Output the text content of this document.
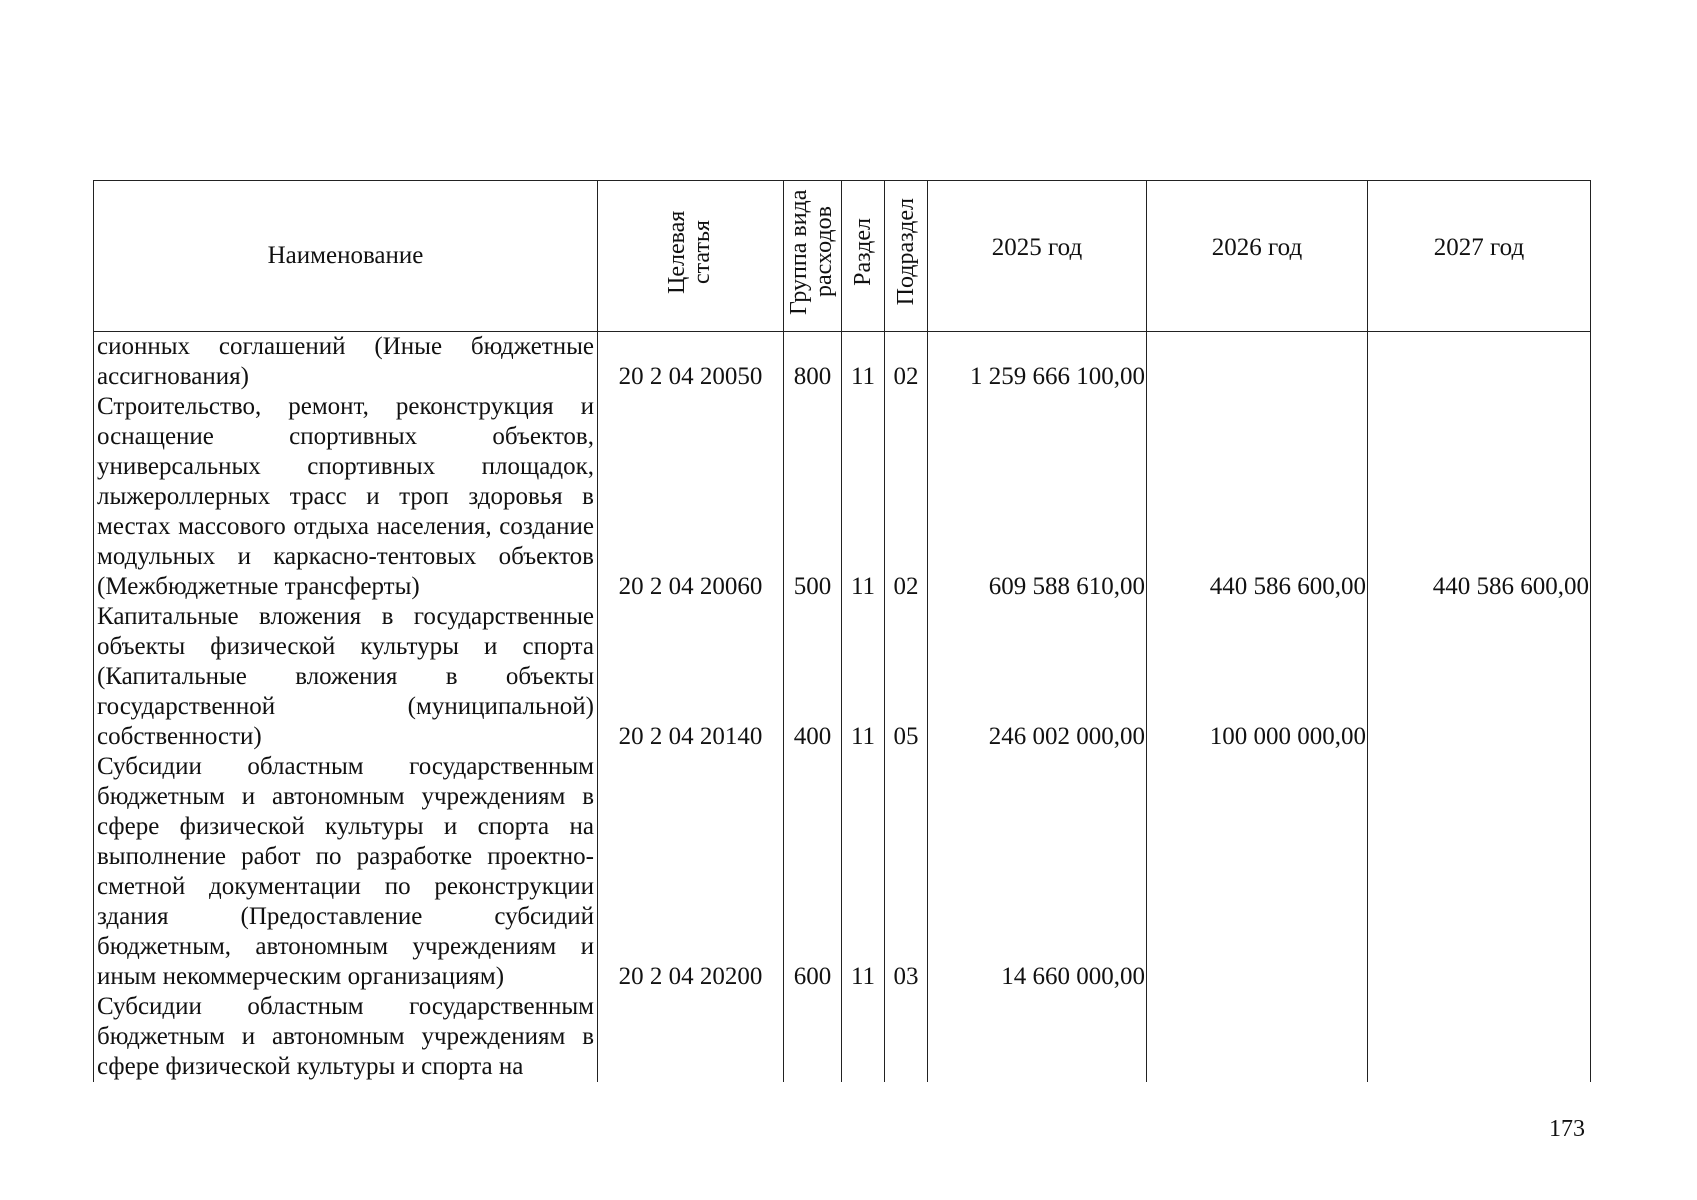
Наименование	Целевая статья	Группа вида расходов	Раздел	Подраздел	2025 год	2026 год	2027 год
сионных соглашений (Иные бюджетные ассигнования)	20 2 04 20050	800	11	02	1 259 666 100,00		
Строительство, ремонт, реконструкция и оснащение спортивных объектов, универсальных спортивных площадок, лыжероллерных трасс и троп здоровья в местах массового отдыха населения, создание модульных и каркасно-тентовых объектов (Межбюджетные трансферты)	20 2 04 20060	500	11	02	609 588 610,00	440 586 600,00	440 586 600,00
Капитальные вложения в государственные объекты физической культуры и спорта (Капитальные вложения в объекты государственной (муниципальной) собственности)	20 2 04 20140	400	11	05	246 002 000,00	100 000 000,00	
Субсидии областным государственным бюджетным и автономным учреждениям в сфере физической культуры и спорта на выполнение работ по разработке проектно-сметной документации по реконструкции здания (Предоставление субсидий бюджетным, автономным учреждениям и иным некоммерческим организациям)	20 2 04 20200	600	11	03	14 660 000,00		
Субсидии областным государственным бюджетным и автономным учреждениям в сфере физической культуры и спорта на							
173
